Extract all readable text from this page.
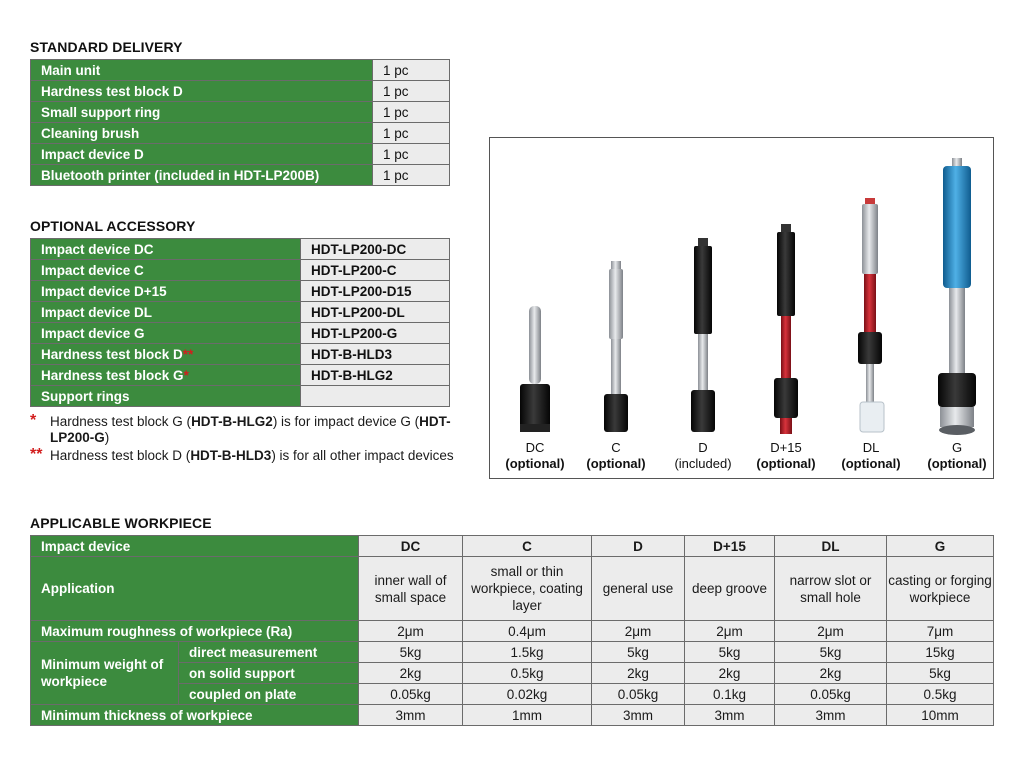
STANDARD DELIVERY
Main unit	1 pc
Hardness test block D	1 pc
Small support ring	1 pc
Cleaning brush	1 pc
Impact device D	1 pc
Bluetooth printer (included in HDT-LP200B)	1 pc
OPTIONAL ACCESSORY
Impact device DC	HDT-LP200-DC
Impact device C	HDT-LP200-C
Impact device D+15	HDT-LP200-D15
Impact device DL	HDT-LP200-DL
Impact device G	HDT-LP200-G
Hardness test block D**	HDT-B-HLD3
Hardness test block G*	HDT-B-HLG2
Support rings	
* Hardness test block G (HDT-B-HLG2) is for impact device G (HDT-LP200-G)
** Hardness test block D (HDT-B-HLD3) is for all other impact devices
DC
(optional)
C
(optional)
D
(included)
D+15
(optional)
DL
(optional)
G
(optional)
APPLICABLE WORKPIECE
Impact device		DC	C	D	D+15	DL	G
Application		inner wall of small space	small or thin workpiece, coating layer	general use	deep groove	narrow slot or small hole	casting or forging workpiece
Maximum roughness of workpiece (Ra)		2μm	0.4μm	2μm	2μm	2μm	7μm
Minimum weight of workpiece	direct measurement	5kg	1.5kg	5kg	5kg	5kg	15kg
	on solid support	2kg	0.5kg	2kg	2kg	2kg	5kg
	coupled on plate	0.05kg	0.02kg	0.05kg	0.1kg	0.05kg	0.5kg
Minimum thickness of workpiece		3mm	1mm	3mm	3mm	3mm	10mm
